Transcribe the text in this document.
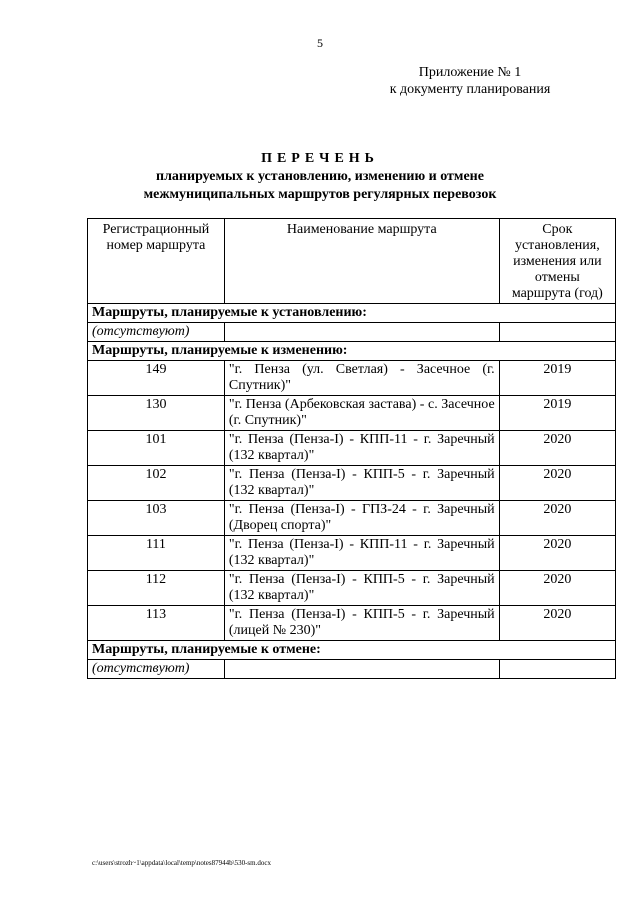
5
Приложение № 1
к документу планирования
ПЕРЕЧЕНЬ
планируемых к установлению, изменению и отмене
межмуниципальных маршрутов регулярных перевозок
Регистрационный номер маршрута	Наименование маршрута	Срок установления, изменения или отмены маршрута (год)
Маршруты, планируемые к установлению:		
(отсутствуют)		
Маршруты, планируемые к изменению:		
149	"г. Пенза (ул. Светлая) - Засечное (г. Спутник)"	2019
130	"г. Пенза (Арбековская застава) - с. Засечное (г. Спутник)"	2019
101	"г. Пенза (Пенза-I) - КПП-11 - г. Заречный (132 квартал)"	2020
102	"г. Пенза (Пенза-I) - КПП-5 - г. Заречный (132 квартал)"	2020
103	"г. Пенза (Пенза-I) - ГПЗ-24 - г. Заречный (Дворец спорта)"	2020
111	"г. Пенза (Пенза-I) - КПП-11 - г. Заречный (132 квартал)"	2020
112	"г. Пенза (Пенза-I) - КПП-5 - г. Заречный (132 квартал)"	2020
113	"г. Пенза (Пенза-I) - КПП-5 - г. Заречный (лицей № 230)"	2020
Маршруты, планируемые к отмене:		
(отсутствуют)		
c:\users\strozh~1\appdata\local\temp\notes87944b\530-sm.docx
